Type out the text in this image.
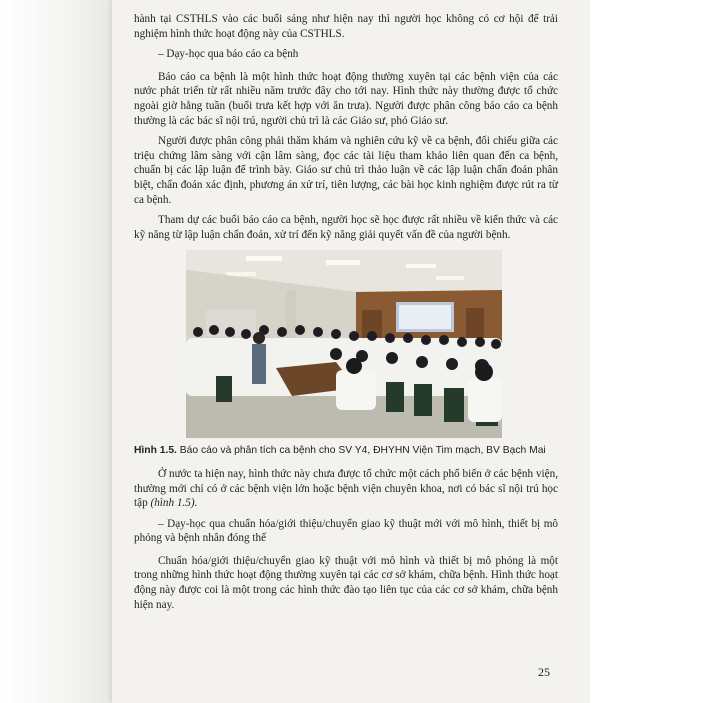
hành tại CSTHLS vào các buổi sáng như hiện nay thì người học không có cơ hội để trải nghiệm hình thức hoạt động này của CSTHLS.

– Dạy-học qua báo cáo ca bệnh

Báo cáo ca bệnh là một hình thức hoạt động thường xuyên tại các bệnh viện của các nước phát triển từ rất nhiều năm trước đây cho tới nay. Hình thức này thường được tổ chức ngoài giờ hằng tuần (buổi trưa kết hợp với ăn trưa). Người được phân công báo cáo ca bệnh thường là các bác sĩ nội trú, người chủ trì là các Giáo sư, phó Giáo sư.

Người được phân công phải thăm khám và nghiên cứu kỹ về ca bệnh, đối chiếu giữa các triệu chứng lâm sàng với cận lâm sàng, đọc các tài liệu tham khảo liên quan đến ca bệnh, chuẩn bị các lập luận để trình bày. Giáo sư chủ trì thảo luận về các lập luận chẩn đoán phân biệt, chẩn đoán xác định, phương án xử trí, tiên lượng, các bài học kinh nghiệm được rút ra từ ca bệnh.

Tham dự các buổi báo cáo ca bệnh, người học sẽ học được rất nhiều về kiến thức và các kỹ năng từ lập luận chẩn đoán, xử trí đến kỹ năng giải quyết vấn đề của người bệnh.

Hình 1.5. Báo cáo và phân tích ca bệnh cho SV Y4, ĐHYHN Viện Tim mạch, BV Bạch Mai

Ở nước ta hiện nay, hình thức này chưa được tổ chức một cách phổ biến ở các bệnh viện, thường mới chỉ có ở các bệnh viện lớn hoặc bệnh viện chuyên khoa, nơi có bác sĩ nội trú học tập (hình 1.5).

– Dạy-học qua chuẩn hóa/giới thiệu/chuyển giao kỹ thuật mới với mô hình, thiết bị mô phỏng và bệnh nhân đóng thế

Chuẩn hóa/giới thiệu/chuyển giao kỹ thuật với mô hình và thiết bị mô phỏng là một trong những hình thức hoạt động thường xuyên tại các cơ sở khám, chữa bệnh. Hình thức hoạt động này được coi là một trong các hình thức đào tạo liên tục của các cơ sở khám, chữa bệnh hiện nay.

25
